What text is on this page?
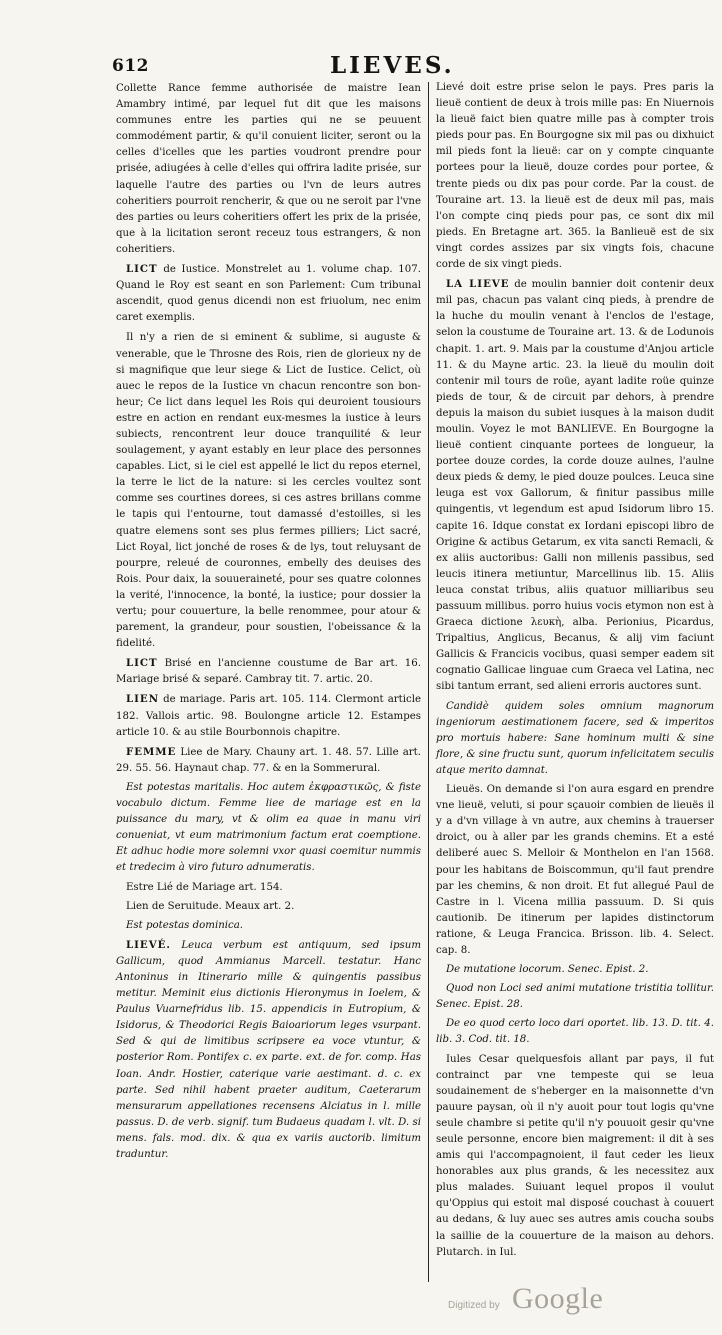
612	LIEVES.

Collette Rance femme authorisée de maistre Iean Amambry intimé, par lequel fut dit que les maisons communes entre les parties qui ne se peuuent commodément partir, & qu'il conuient liciter, seront ou la celles d'icelles que les parties voudront prendre pour prisée, adiugées à celle d'elles qui offrira ladite prisée, sur laquelle l'autre des parties ou l'vn de leurs autres coheritiers pourroit rencherir, & que ou ne seroit par l'vne des parties ou leurs coheritiers offert les prix de la prisée, que à la licitation seront receuz tous estrangers, & non coheritiers.

LICT de Iustice. Monstrelet au 1. volume chap. 107. Quand le Roy est seant en son Parlement: Cum tribunal ascendit, quod genus dicendi non est friuolum, nec enim caret exemplis.

Il n'y a rien de si eminent & sublime, si auguste & venerable, que le Throsne des Rois, rien de glorieux ny de si magnifique que leur siege & Lict de Iustice. Celict, où auec le repos de la Iustice vn chacun rencontre son bon-heur; Ce lict dans lequel les Rois qui deuroient tousiours estre en action en rendant eux-mesmes la iustice à leurs subiects, rencontrent leur douce tranquilité & leur soulagement, y ayant estably en leur place des personnes capables. Lict, si le ciel est appellé le lict du repos eternel, la terre le lict de la nature: si les cercles voultez sont comme ses courtines dorees, si ces astres brillans comme le tapis qui l'entourne, tout damassé d'estoilles, si les quatre elemens sont ses plus fermes pilliers; Lict sacré, Lict Royal, lict jonché de roses & de lys, tout reluysant de pourpre, releué de couronnes, embelly des deuises des Rois. Pour daix, la souueraineté, pour ses quatre colonnes la verité, l'innocence, la bonté, la iustice; pour dossier la vertu; pour couuerture, la belle renommee, pour atour & parement, la grandeur, pour soustien, l'obeissance & la fidelité.

LICT Brisé en l'ancienne coustume de Bar art. 16. Mariage brisé & separé. Cambray tit. 7. artic. 20.

LIEN de mariage. Paris art. 105. 114. Clermont article 182. Vallois artic. 98. Boulongne article 12. Estampes article 10. & au stile Bourbonnois chapitre.

FEMME Liee de Mary. Chauny art. 1. 48. 57. Lille art. 29. 55. 56. Haynaut chap. 77. & en la Sommerural.

Est potestas maritalis. Hoc autem ἐκφραστικῶς, & fiste vocabulo dictum. Femme liee de mariage est en la puissance du mary, vt & olim ea quae in manu viri conueniat, vt eum matrimonium factum erat coemptione. Et adhuc hodie more solemni vxor quasi coemitur nummis et tredecim à viro futuro adnumeratis.

Estre Lié de Mariage art. 154.

Lien de Seruitude. Meaux art. 2.

Est potestas dominica.

LIEVÉ. Leuca verbum est antiquum, sed ipsum Gallicum, quod Ammianus Marcell. testatur. Hanc Antoninus in Itinerario mille & quingentis passibus metitur. Meminit eius dictionis Hieronymus in Ioelem, & Paulus Vuarnefridus lib. 15. appendicis in Eutropium, & Isidorus, & Theodorici Regis Baioariorum leges vsurpant. Sed & qui de limitibus scripsere ea voce vtuntur, & posterior Rom. Pontifex c. ex parte. ext. de for. comp. Has Ioan. Andr. Hostier, caterique varie aestimant. d. c. ex parte. Sed nihil habent praeter auditum, Caeterarum mensurarum appellationes recensens Alciatus in l. mille passus. D. de verb. signif. tum Budaeus quadam l. vlt. D. si mens. fals. mod. dix. & qua ex variis auctorib. limitum traduntur.

Lievé doit estre prise selon le pays. Pres paris la lieuë contient de deux à trois mille pas: En Niuernois la lieuë faict bien quatre mille pas à compter trois pieds pour pas. En Bourgogne six mil pas ou dixhuict mil pieds font la lieuë: car on y compte cinquante portees pour la lieuë, douze cordes pour portee, & trente pieds ou dix pas pour corde. Par la coust. de Touraine art. 13. la lieuë est de deux mil pas, mais l'on compte cinq pieds pour pas, ce sont dix mil pieds. En Bretagne art. 365. la Banlieuë est de six vingt cordes assizes par six vingts fois, chacune corde de six vingt pieds.

LA LIEVE de moulin bannier doit contenir deux mil pas, chacun pas valant cinq pieds, à prendre de la huche du moulin venant à l'enclos de l'estage, selon la coustume de Touraine art. 13. & de Lodunois chapit. 1. art. 9. Mais par la coustume d'Anjou article 11. & du Mayne artic. 23. la lieuë du moulin doit contenir mil tours de roüe, ayant ladite roüe quinze pieds de tour, & de circuit par dehors, à prendre depuis la maison du subiet iusques à la maison dudit moulin. Voyez le mot BANLIEVE. En Bourgogne la lieuë contient cinquante portees de longueur, la portee douze cordes, la corde douze aulnes, l'aulne deux pieds & demy, le pied douze poulces. Leuca sine leuga est vox Gallorum, & finitur passibus mille quingentis, vt legendum est apud Isidorum libro 15. capite 16. Idque constat ex Iordani episcopi libro de Origine & actibus Getarum, ex vita sancti Remacli, & ex aliis auctoribus: Galli non millenis passibus, sed leucis itinera metiuntur, Marcellinus lib. 15. Aliis leuca constat tribus, aliis quatuor milliaribus seu passuum millibus. porro huius vocis etymon non est à Graeca dictione λευκὴ, alba. Perionius, Picardus, Tripaltius, Anglicus, Becanus, & alij vim faciunt Gallicis & Francicis vocibus, quasi semper eadem sit cognatio Gallicae linguae cum Graeca vel Latina, nec sibi tantum errant, sed alieni erroris auctores sunt.

Candidè quidem soles omnium magnorum ingeniorum aestimationem facere, sed & imperitos pro mortuis habere: Sane hominum multi & sine flore, & sine fructu sunt, quorum infelicitatem seculis atque merito damnat.

Lieuës. On demande si l'on aura esgard en prendre vne lieuë, veluti, si pour sçauoir combien de lieuës il y a d'vn village à vn autre, aux chemins à trauerser droict, ou à aller par les grands chemins. Et a esté deliberé auec S. Melloir & Monthelon en l'an 1568. pour les habitans de Boiscommun, qu'il faut prendre par les chemins, & non droit. Et fut allegué Paul de Castre in l. Vicena millia passuum. D. Si quis cautionib. De itinerum per lapides distinctorum ratione, & Leuga Francica. Brisson. lib. 4. Select. cap. 8.

De mutatione locorum. Senec. Epist. 2.

Quod non Loci sed animi mutatione tristitia tollitur. Senec. Epist. 28.

De eo quod certo loco dari oportet. lib. 13. D. tit. 4. lib. 3. Cod. tit. 18.

Iules Cesar quelquesfois allant par pays, il fut contrainct par vne tempeste qui se leua soudainement de s'heberger en la maisonnette d'vn pauure paysan, où il n'y auoit pour tout logis qu'vne seule chambre si petite qu'il n'y pouuoit gesir qu'vne seule personne, encore bien maigrement: il dit à ses amis qui l'accompagnoient, il faut ceder les lieux honorables aux plus grands, & les necessitez aux plus malades. Suiuant lequel propos il voulut qu'Oppius qui estoit mal disposé couchast à couuert au dedans, & luy auec ses autres amis coucha soubs la saillie de la couuerture de la maison au dehors. Plutarch. in Iul.

Digitized by Google
